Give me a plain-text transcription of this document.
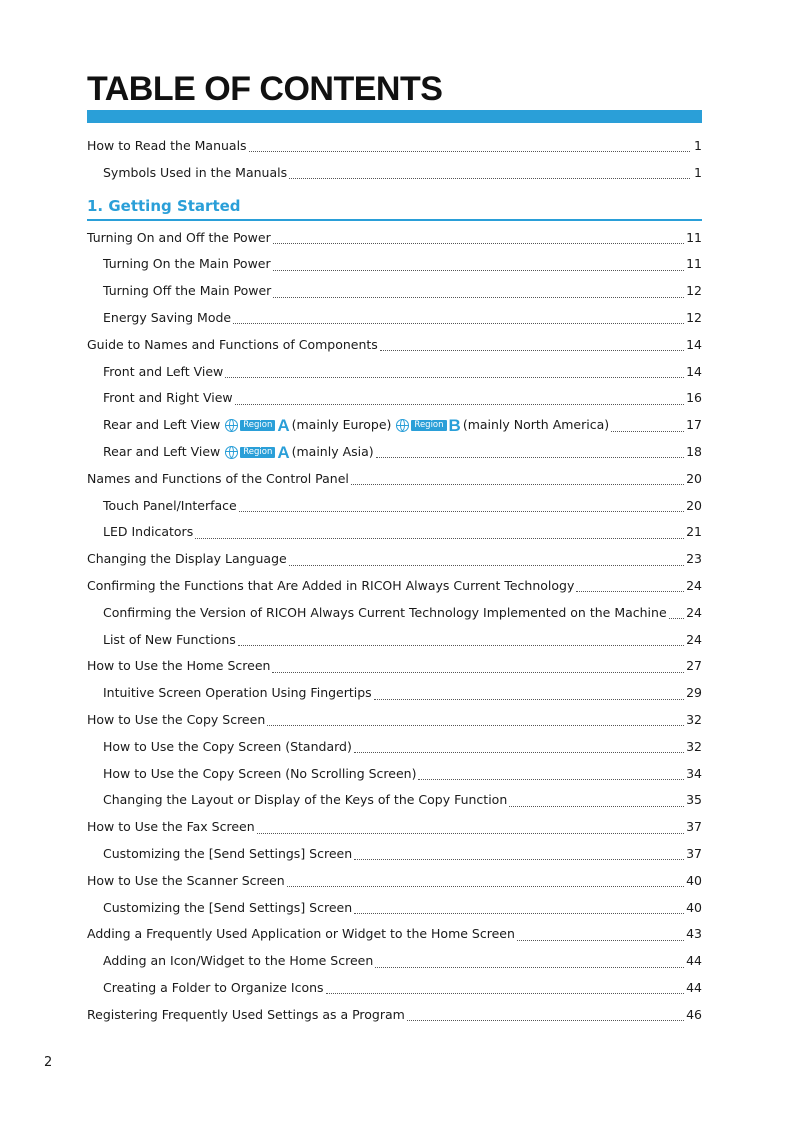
TABLE OF CONTENTS
How to Read the Manuals	1
Symbols Used in the Manuals	1
1. Getting Started
Turning On and Off the Power	11
Turning On the Main Power	11
Turning Off the Main Power	12
Energy Saving Mode	12
Guide to Names and Functions of Components	14
Front and Left View	14
Front and Right View	16
Rear and Left View	Region A (mainly Europe)	Region B (mainly North America)	17
Rear and Left View	Region A (mainly Asia)	18
Names and Functions of the Control Panel	20
Touch Panel/Interface	20
LED Indicators	21
Changing the Display Language	23
Confirming the Functions that Are Added in RICOH Always Current Technology	24
Confirming the Version of RICOH Always Current Technology Implemented on the Machine 24
List of New Functions	24
How to Use the Home Screen	27
Intuitive Screen Operation Using Fingertips	29
How to Use the Copy Screen	32
How to Use the Copy Screen (Standard)	32
How to Use the Copy Screen (No Scrolling Screen)	34
Changing the Layout or Display of the Keys of the Copy Function	35
How to Use the Fax Screen	37
Customizing the [Send Settings] Screen	37
How to Use the Scanner Screen	40
Customizing the [Send Settings] Screen	40
Adding a Frequently Used Application or Widget to the Home Screen	43
Adding an Icon/Widget to the Home Screen	44
Creating a Folder to Organize Icons	44
Registering Frequently Used Settings as a Program	46
2
